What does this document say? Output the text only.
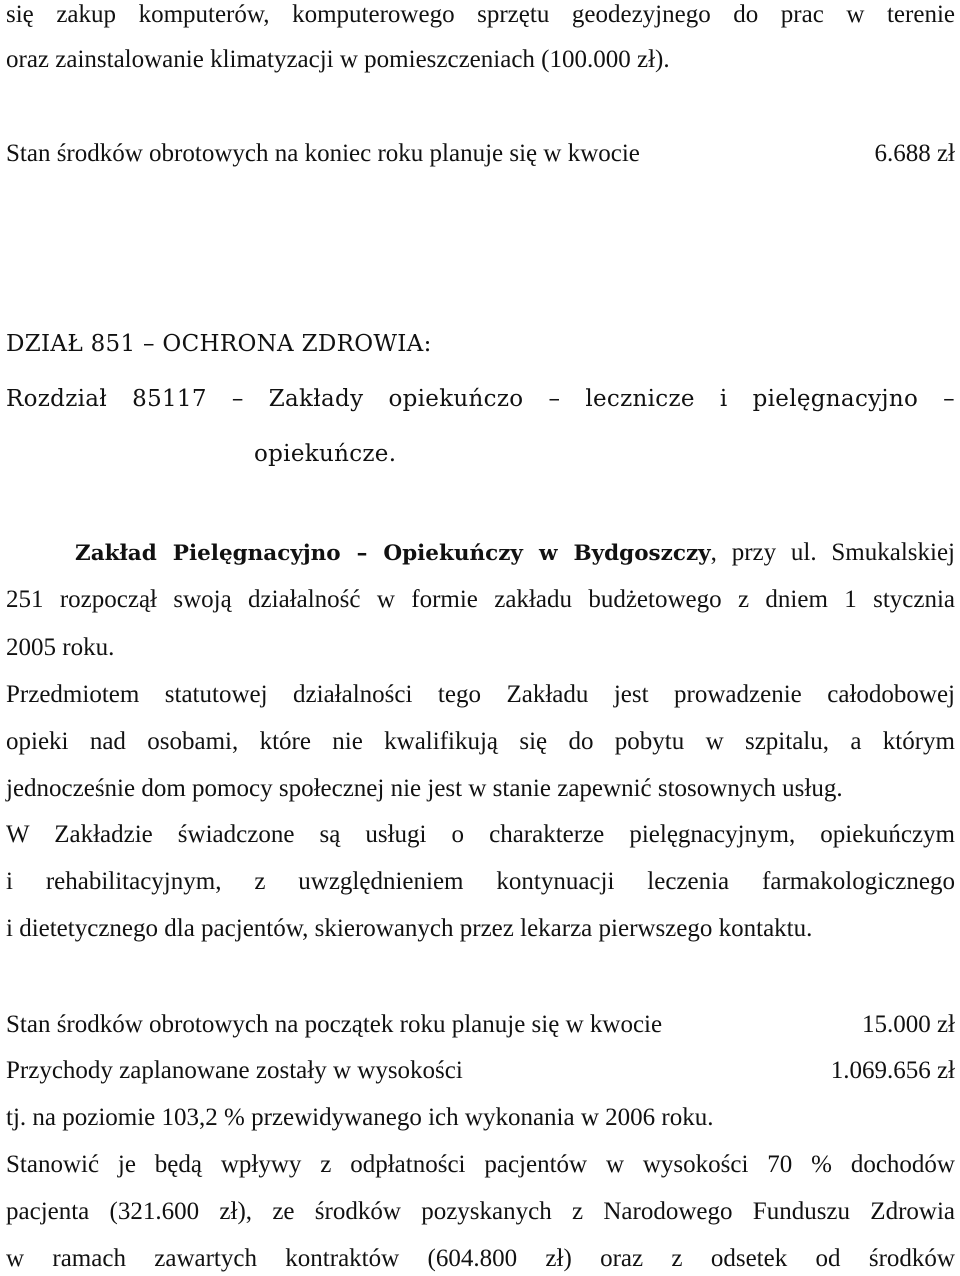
się zakup komputerów, komputerowego sprzętu geodezyjnego do prac w terenie
oraz zainstalowanie klimatyzacji w pomieszczeniach (100.000 zł).
Stan środków obrotowych na koniec roku planuje się w kwocie	6.688 zł
DZIAŁ 851 – OCHRONA ZDROWIA:
Rozdział 85117 – Zakłady opiekuńczo – lecznicze i pielęgnacyjno –
opiekuńcze.
Zakład Pielęgnacyjno – Opiekuńczy w Bydgoszczy, przy ul. Smukalskiej
251 rozpoczął swoją działalność w formie zakładu budżetowego z dniem 1 stycznia
2005 roku.
Przedmiotem statutowej działalności tego Zakładu jest prowadzenie całodobowej
opieki nad osobami, które nie kwalifikują się do pobytu w szpitalu, a którym
jednocześnie dom pomocy społecznej nie jest w stanie zapewnić stosownych usług.
W Zakładzie świadczone są usługi o charakterze pielęgnacyjnym, opiekuńczym
i rehabilitacyjnym, z uwzględnieniem kontynuacji leczenia farmakologicznego
i dietetycznego dla pacjentów, skierowanych przez lekarza pierwszego kontaktu.
Stan środków obrotowych na początek roku planuje się w kwocie	15.000 zł
Przychody zaplanowane zostały w wysokości	1.069.656 zł
tj. na poziomie 103,2 % przewidywanego ich wykonania w 2006 roku.
Stanowić je będą wpływy z odpłatności pacjentów w wysokości 70 % dochodów
pacjenta (321.600 zł), ze środków pozyskanych z Narodowego Funduszu Zdrowia
w ramach zawartych kontraktów (604.800 zł) oraz z odsetek od środków
